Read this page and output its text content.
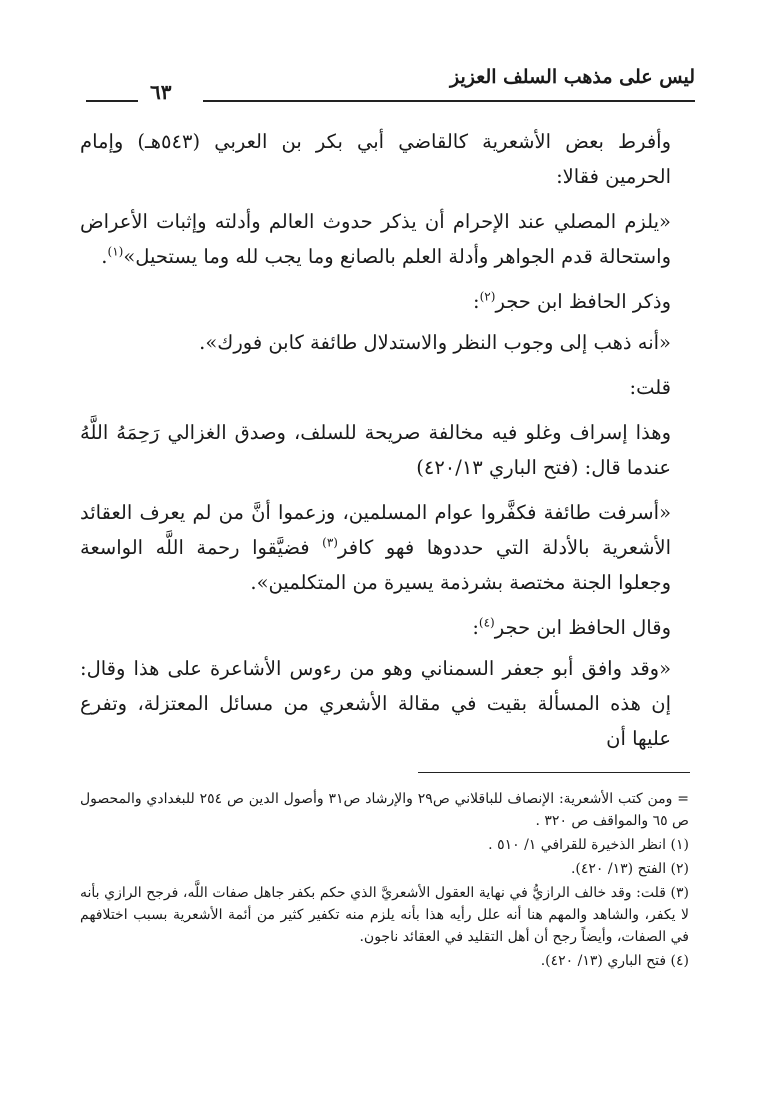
ليس على مذهب السلف العزيز
٦٣

وأفرط بعض الأشعرية كالقاضي أبي بكر بن العربي (٥٤٣هـ) وإمام الحرمين فقالا:

«يلزم المصلي عند الإحرام أن يذكر حدوث العالم وأدلته وإثبات الأعراض واستحالة قدم الجواهر وأدلة العلم بالصانع وما يجب لله وما يستحيل»$^{(١)}$.

وذكر الحافظ ابن حجر$^{(٢)}$:

«أنه ذهب إلى وجوب النظر والاستدلال طائفة كابن فورك».

قلت:

وهذا إسراف وغلو فيه مخالفة صريحة للسلف، وصدق الغزالي رَحِمَهُ اللَّهُ عندما قال: (فتح الباري ٤٢٠/١٣)

«أسرفت طائفة فكفَّروا عوام المسلمين، وزعموا أنَّ من لم يعرف العقائد الأشعرية بالأدلة التي حددوها فهو كافر$^{(٣)}$ فضيَّقوا رحمة اللَّه الواسعة وجعلوا الجنة مختصة بشرذمة يسيرة من المتكلمين».

وقال الحافظ ابن حجر$^{(٤)}$:

«وقد وافق أبو جعفر السمناني وهو من رءوس الأشاعرة على هذا وقال: إن هذه المسألة بقيت في مقالة الأشعري من مسائل المعتزلة، وتفرع عليها أن

= ومن كتب الأشعرية: الإنصاف للباقلاني ص٢٩ والإرشاد ص٣١ وأصول الدين ص ٢٥٤ للبغدادي والمحصول ص ٦٥ والمواقف ص ٣٢٠ .

(١) انظر الذخيرة للقرافي ١/ ٥١٠ .

(٢) الفتح (١٣/ ٤٢٠).

(٣) قلت: وقد خالف الرازيُّ في نهاية العقول الأشعريَّ الذي حكم بكفر جاهل صفات اللَّه، فرجح الرازي بأنه لا يكفر، والشاهد والمهم هنا أنه علل رأيه هذا بأنه يلزم منه تكفير كثير من أئمة الأشعرية بسبب اختلافهم في الصفات، وأيضاً رجح أن أهل التقليد في العقائد ناجون.

(٤) فتح الباري (١٣/ ٤٢٠).
